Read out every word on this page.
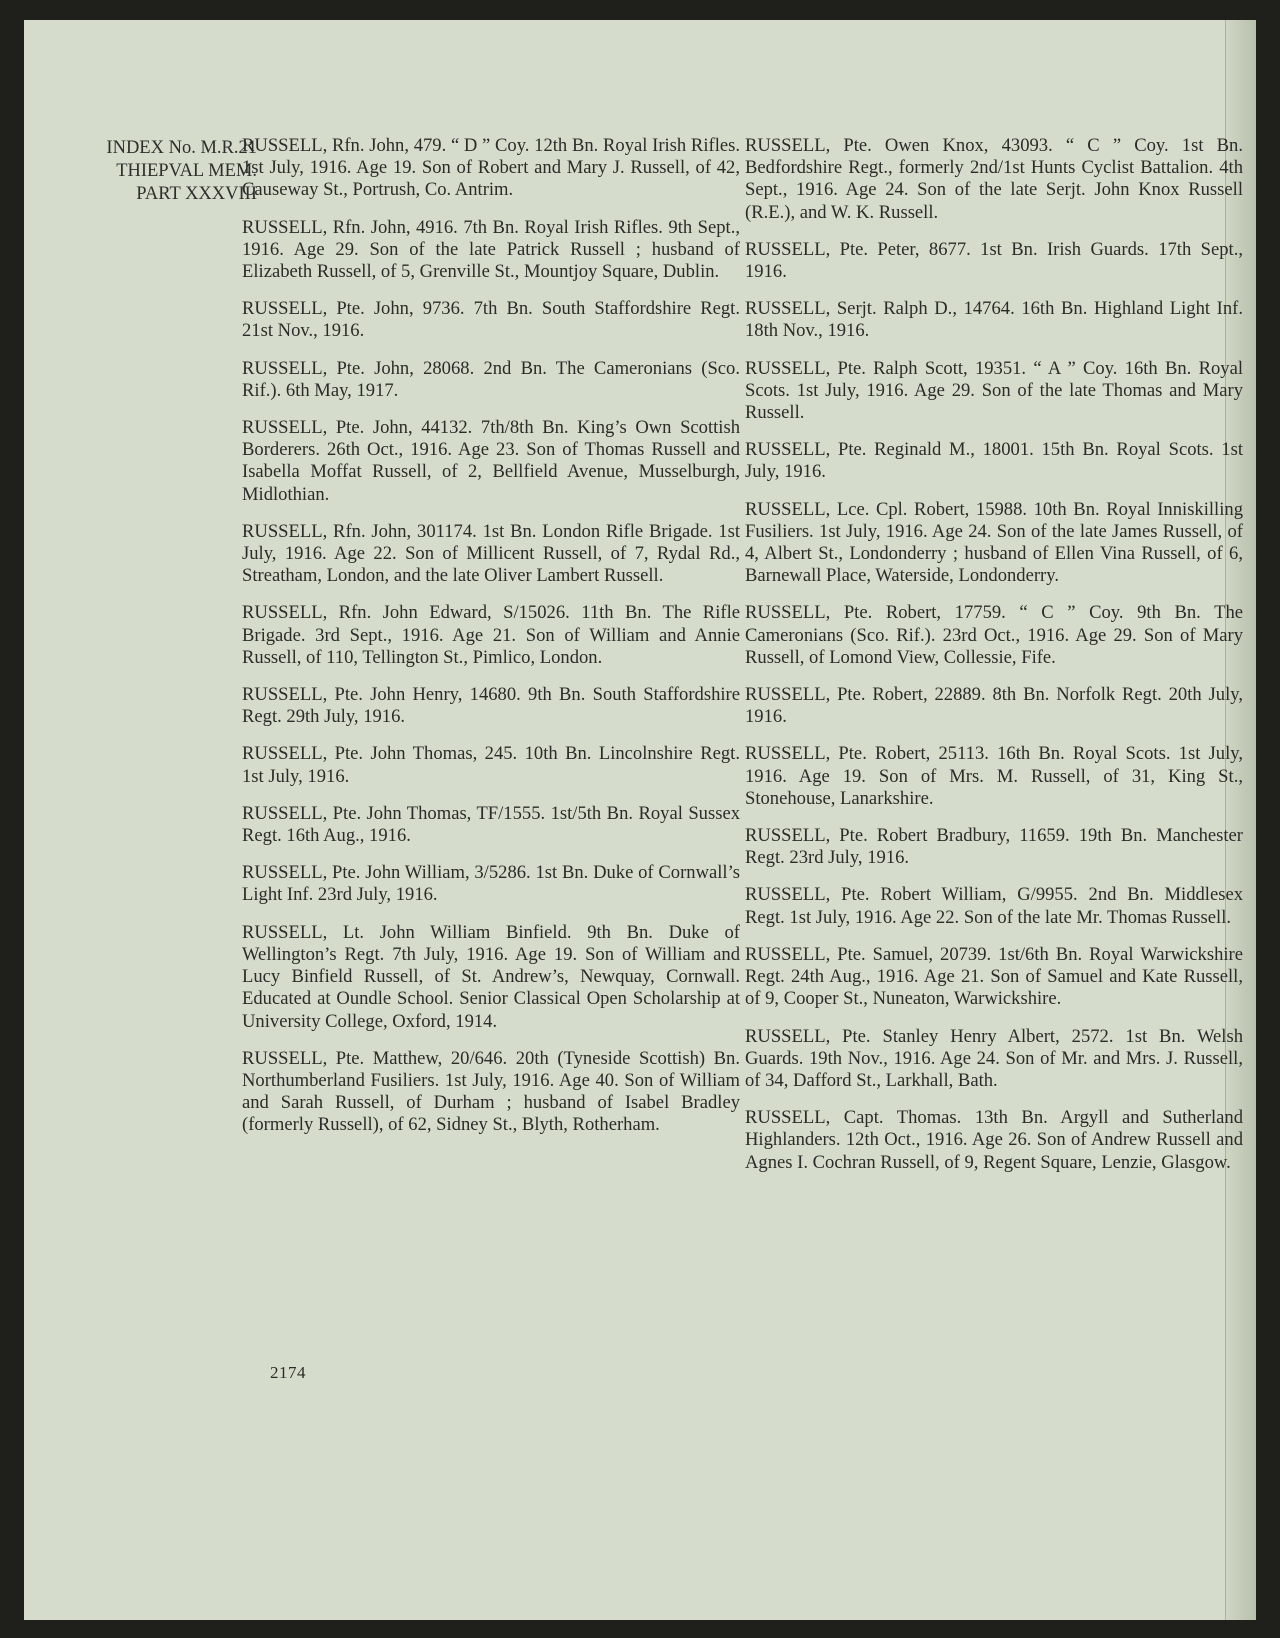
INDEX No. M.R.21
THIEPVAL MEM.
PART XXXVIII

RUSSELL, Rfn. John, 479. “ D ” Coy. 12th Bn. Royal Irish Rifles. 1st July, 1916. Age 19. Son of Robert and Mary J. Russell, of 42, Causeway St., Portrush, Co. Antrim.

RUSSELL, Rfn. John, 4916. 7th Bn. Royal Irish Rifles. 9th Sept., 1916. Age 29. Son of the late Patrick Russell ; husband of Elizabeth Russell, of 5, Grenville St., Mountjoy Square, Dublin.

RUSSELL, Pte. John, 9736. 7th Bn. South Staffordshire Regt. 21st Nov., 1916.

RUSSELL, Pte. John, 28068. 2nd Bn. The Cameronians (Sco. Rif.). 6th May, 1917.

RUSSELL, Pte. John, 44132. 7th/8th Bn. King’s Own Scottish Borderers. 26th Oct., 1916. Age 23. Son of Thomas Russell and Isabella Moffat Russell, of 2, Bellfield Avenue, Musselburgh, Midlothian.

RUSSELL, Rfn. John, 301174. 1st Bn. London Rifle Brigade. 1st July, 1916. Age 22. Son of Millicent Russell, of 7, Rydal Rd., Streatham, London, and the late Oliver Lambert Russell.

RUSSELL, Rfn. John Edward, S/15026. 11th Bn. The Rifle Brigade. 3rd Sept., 1916. Age 21. Son of William and Annie Russell, of 110, Tellington St., Pimlico, London.

RUSSELL, Pte. John Henry, 14680. 9th Bn. South Staffordshire Regt. 29th July, 1916.

RUSSELL, Pte. John Thomas, 245. 10th Bn. Lincolnshire Regt. 1st July, 1916.

RUSSELL, Pte. John Thomas, TF/1555. 1st/5th Bn. Royal Sussex Regt. 16th Aug., 1916.

RUSSELL, Pte. John William, 3/5286. 1st Bn. Duke of Cornwall’s Light Inf. 23rd July, 1916.

RUSSELL, Lt. John William Binfield. 9th Bn. Duke of Wellington’s Regt. 7th July, 1916. Age 19. Son of William and Lucy Binfield Russell, of St. Andrew’s, Newquay, Cornwall. Educated at Oundle School. Senior Classical Open Scholarship at University College, Oxford, 1914.

RUSSELL, Pte. Matthew, 20/646. 20th (Tyneside Scottish) Bn. Northumberland Fusiliers. 1st July, 1916. Age 40. Son of William and Sarah Russell, of Durham ; husband of Isabel Bradley (formerly Russell), of 62, Sidney St., Blyth, Rotherham.

RUSSELL, Pte. Owen Knox, 43093. “ C ” Coy. 1st Bn. Bedfordshire Regt., formerly 2nd/1st Hunts Cyclist Battalion. 4th Sept., 1916. Age 24. Son of the late Serjt. John Knox Russell (R.E.), and W. K. Russell.

RUSSELL, Pte. Peter, 8677. 1st Bn. Irish Guards. 17th Sept., 1916.

RUSSELL, Serjt. Ralph D., 14764. 16th Bn. Highland Light Inf. 18th Nov., 1916.

RUSSELL, Pte. Ralph Scott, 19351. “ A ” Coy. 16th Bn. Royal Scots. 1st July, 1916. Age 29. Son of the late Thomas and Mary Russell.

RUSSELL, Pte. Reginald M., 18001. 15th Bn. Royal Scots. 1st July, 1916.

RUSSELL, Lce. Cpl. Robert, 15988. 10th Bn. Royal Inniskilling Fusiliers. 1st July, 1916. Age 24. Son of the late James Russell, of 4, Albert St., Londonderry ; husband of Ellen Vina Russell, of 6, Barnewall Place, Waterside, Londonderry.

RUSSELL, Pte. Robert, 17759. “ C ” Coy. 9th Bn. The Cameronians (Sco. Rif.). 23rd Oct., 1916. Age 29. Son of Mary Russell, of Lomond View, Collessie, Fife.

RUSSELL, Pte. Robert, 22889. 8th Bn. Norfolk Regt. 20th July, 1916.

RUSSELL, Pte. Robert, 25113. 16th Bn. Royal Scots. 1st July, 1916. Age 19. Son of Mrs. M. Russell, of 31, King St., Stonehouse, Lanarkshire.

RUSSELL, Pte. Robert Bradbury, 11659. 19th Bn. Manchester Regt. 23rd July, 1916.

RUSSELL, Pte. Robert William, G/9955. 2nd Bn. Middlesex Regt. 1st July, 1916. Age 22. Son of the late Mr. Thomas Russell.

RUSSELL, Pte. Samuel, 20739. 1st/6th Bn. Royal Warwickshire Regt. 24th Aug., 1916. Age 21. Son of Samuel and Kate Russell, of 9, Cooper St., Nuneaton, Warwickshire.

RUSSELL, Pte. Stanley Henry Albert, 2572. 1st Bn. Welsh Guards. 19th Nov., 1916. Age 24. Son of Mr. and Mrs. J. Russell, of 34, Dafford St., Larkhall, Bath.

RUSSELL, Capt. Thomas. 13th Bn. Argyll and Sutherland Highlanders. 12th Oct., 1916. Age 26. Son of Andrew Russell and Agnes I. Cochran Russell, of 9, Regent Square, Lenzie, Glasgow.

2174
